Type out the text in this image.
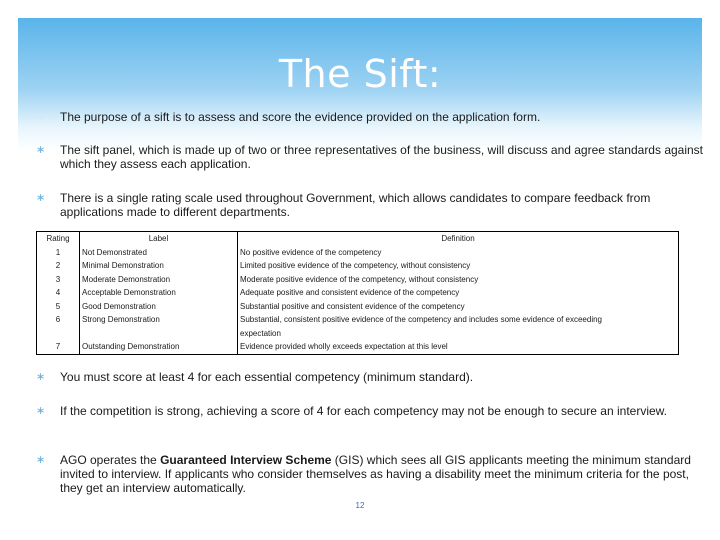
The Sift:
∗ The purpose of a sift is to assess and score the evidence provided on the application form.
∗ The sift panel, which is made up of two or three representatives of the business, will discuss and agree standards against which they assess each application.
∗ There is a single rating scale used throughout Government, which allows candidates to compare feedback from applications made to different departments.
Rating	Label	Definition
1	Not Demonstrated	No positive evidence of the competency
2	Minimal Demonstration	Limited positive evidence of the competency, without consistency
3	Moderate Demonstration	Moderate positive evidence of the competency, without consistency
4	Acceptable Demonstration	Adequate positive and consistent evidence of the competency
5	Good Demonstration	Substantial positive and consistent evidence of the competency
6	Strong Demonstration	Substantial, consistent positive evidence of the competency and includes some evidence of exceeding expectation
7	Outstanding Demonstration	Evidence provided wholly exceeds expectation at this level
∗ You must score at least 4 for each essential competency (minimum standard).
∗ If the competition is strong, achieving a score of 4 for each competency may not be enough to secure an interview.
∗ AGO operates the Guaranteed Interview Scheme (GIS) which sees all GIS applicants meeting the minimum standard invited to interview. If applicants who consider themselves as having a disability meet the minimum criteria for the post, they get an interview automatically.
12
